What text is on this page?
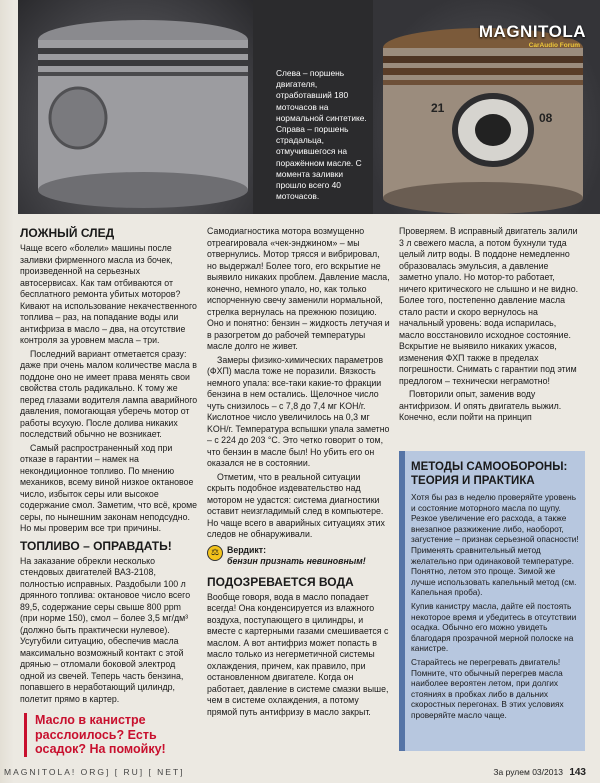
Слева – поршень двигателя, отработавший 180 моточасов на нормальной синтетике. Справа – поршень страдальца, отмучившегося на поражённом масле. С момента заливки прошло всего 40 моточасов.

21
08
MAGNITOLA
CarAudio Forum
ЛОЖНЫЙ СЛЕД

Чаще всего «болели» машины после заливки фирменного масла из бочек, произведенной на серьезных автосервисах. Как там отбиваются от бесплатного ремонта убитых моторов? Кивают на использование некачественного топлива – раз, на попадание воды или антифриза в масло – два, на отсутствие контроля за уровнем масла – три.

Последний вариант отметается сразу: даже при очень малом количестве масла в поддоне оно не имеет права менять свои свойства столь радикально. К тому же перед глазами водителя лампа аварийного давления, помогающая уберечь мотор от работы всухую. После долива никаких последствий обычно не возникает.

Самый распространенный ход при отказе в гарантии – намек на некондиционное топливо. По мнению механиков, всему виной низкое октановое число, избыток серы или высокое содержание смол. Заметим, что всё, кроме серы, по нынешним законам неподсудно. Но мы проверим все три причины.

ТОПЛИВО – ОПРАВДАТЬ!

На заказание обрекли несколько стендовых двигателей ВАЗ-2108, полностью исправных. Раздобыли 100 л дрянного топлива: октановое число всего 89,5, содержание серы свыше 800 ppm (при норме 150), смол – более 3,5 мг/дм³ (должно быть практически нулевое). Усугубили ситуацию, обеспечив масла максимально возможный контакт с этой дрянью – отломали боковой электрод одной из свечей. Теперь часть бензина, попавшего в неработающий цилиндр, полетит прямо в картер.

Масло в канистре расслоилось? Есть осадок? На помойку!

Самодиагностика мотора возмущенно отреагировала «чек-энджином» – мы отвернулись. Мотор трясся и вибрировал, но выдержал! Более того, его вскрытие не выявило никаких проблем. Давление масла, конечно, немного упало, но, как только испорченную свечу заменили нормальной, стрелка вернулась на прежнюю позицию. Оно и понятно: бензин – жидкость летучая и в разогретом до рабочей температуры масле долго не живет.

Замеры физико-химических параметров (ФХП) масла тоже не поразили. Вязкость немного упала: все-таки какие-то фракции бензина в нем остались. Щелочное число чуть снизилось – с 7,8 до 7,4 мг KOH/г. Кислотное число увеличилось на 0,3 мг KOH/г. Температура вспышки упала заметно – с 224 до 203 °С. Это четко говорит о том, что бензин в масле был! Но убить его он оказался не в состоянии.

Отметим, что в реальной ситуации скрыть подобное издевательство над мотором не удастся: система диагностики оставит неизгладимый след в компьютере. Но чаще всего в аварийных ситуациях этих следов не обнаруживали.

⚖ Вердикт:
бензин признать невиновным!
ПОДОЗРЕВАЕТСЯ ВОДА

Вообще говоря, вода в масло попадает всегда! Она конденсируется из влажного воздуха, поступающего в цилиндры, и вместе с картерными газами смешивается с маслом. А вот антифриз может попасть в масло только из негерметичной системы охлаждения, причем, как правило, при остановленном двигателе. Когда он работает, давление в системе смазки выше, чем в системе охлаждения, а потому прямой путь антифризу в масло закрыт.

Проверяем. В исправный двигатель залили 3 л свежего масла, а потом бухнули туда целый литр воды. В поддоне немедленно образовалась эмульсия, а давление заметно упало. Но мотор-то работает, ничего критического не слышно и не видно. Более того, постепенно давление масла стало расти и скоро вернулось на начальный уровень: вода испарилась, масло восстановило исходное состояние. Вскрытие не выявило никаких ужасов, изменения ФХП также в пределах погрешности. Снимать с гарантии под этим предлогом – технически неграмотно!

Повторили опыт, заменив воду антифризом. И опять двигатель выжил. Конечно, если пойти на принцип

МЕТОДЫ САМООБОРОНЫ: ТЕОРИЯ И ПРАКТИКА

Хотя бы раз в неделю проверяйте уровень и состояние моторного масла по щупу. Резкое увеличение его расхода, а также внезапное разжижение либо, наоборот, загустение – признак серьезной опасности! Применять сравнительный метод желательно при одинаковой температуре. Понятно, летом это проще. Зимой же лучше использовать капельный метод (см. Капельная проба).

Купив канистру масла, дайте ей постоять некоторое время и убедитесь в отсутствии осадка. Обычно его можно увидеть благодаря прозрачной мерной полоске на канистре.

Старайтесь не перегревать двигатель! Помните, что обычный перегрев масла наиболее вероятен летом, при долгих стояниях в пробках либо в дальних скоростных перегонах. В этих условиях проверяйте масло чаще.

MAGNITOLA! ORG] [ RU] [ NET]	За рулем 03/2013 143
